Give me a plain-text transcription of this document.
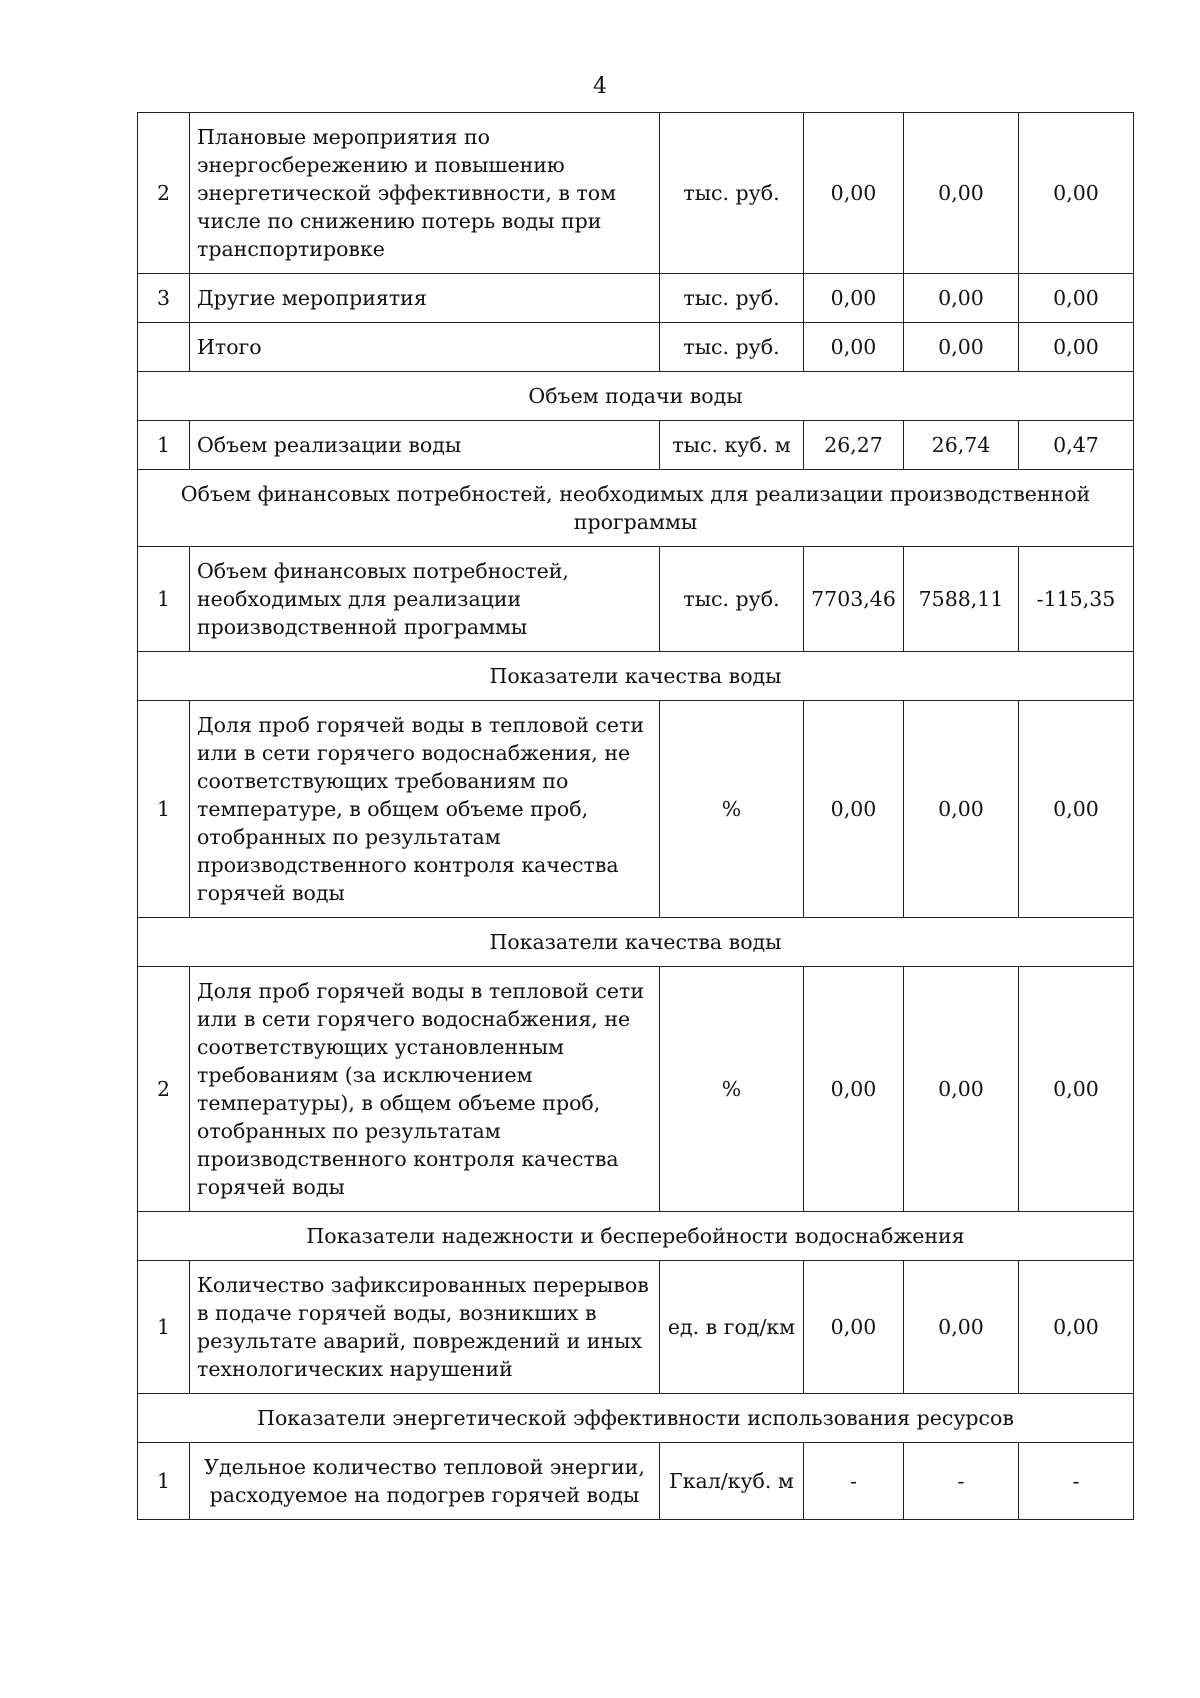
4
2	Плановые мероприятия по энергосбережению и повышению энергетической эффективности, в том числе по снижению потерь воды при транспортировке	тыс. руб.	0,00	0,00	0,00
3	Другие мероприятия	тыс. руб.	0,00	0,00	0,00
	Итого	тыс. руб.	0,00	0,00	0,00
Объем подачи воды					
1	Объем реализации воды	тыс. куб. м	26,27	26,74	0,47
Объем финансовых потребностей, необходимых для реализации производственной программы					
1	Объем финансовых потребностей, необходимых для реализации производственной программы	тыс. руб.	7703,46	7588,11	-115,35
Показатели качества воды					
1	Доля проб горячей воды в тепловой сети или в сети горячего водоснабжения, не соответствующих требованиям по температуре, в общем объеме проб, отобранных по результатам производственного контроля качества горячей воды	%	0,00	0,00	0,00
Показатели качества воды					
2	Доля проб горячей воды в тепловой сети или в сети горячего водоснабжения, не соответствующих установленным требованиям (за исключением температуры), в общем объеме проб, отобранных по результатам производственного контроля качества горячей воды	%	0,00	0,00	0,00
Показатели надежности и бесперебойности водоснабжения					
1	Количество зафиксированных перерывов в подаче горячей воды, возникших в результате аварий, повреждений и иных технологических нарушений	ед. в год/км	0,00	0,00	0,00
Показатели энергетической эффективности использования ресурсов					
1	Удельное количество тепловой энергии, расходуемое на подогрев горячей воды	Гкал/куб. м	-	-	-
